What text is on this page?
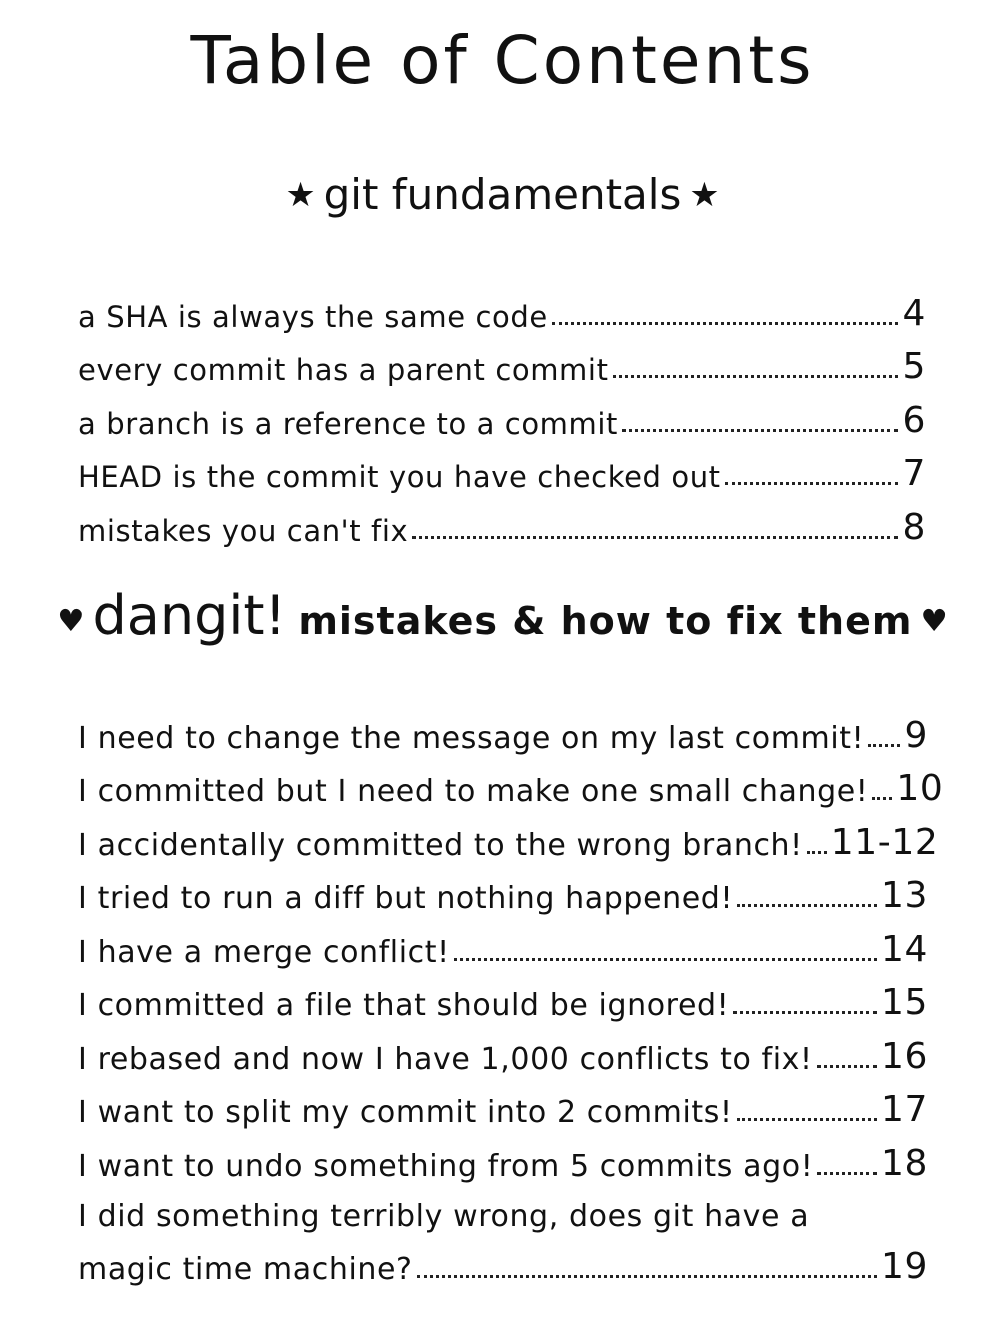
Table of Contents
★ git fundamentals ★
a SHA is always the same code	4
every commit has a parent commit	5
a branch is a reference to a commit	6
HEAD is the commit you have checked out	7
mistakes you can't fix	8
♥ dangit! mistakes & how to fix them ♥
I need to change the message on my last commit! 9
I committed but I need to make one small change! 10
I accidentally committed to the wrong branch! 11-12
I tried to run a diff but nothing happened!	13
I have a merge conflict!	14
I committed a file that should be ignored!	15
I rebased and now I have 1,000 conflicts to fix! 16
I want to split my commit into 2 commits!	17
I want to undo something from 5 commits ago! 18
I did something terribly wrong, does git have a
magic time machine?	19
